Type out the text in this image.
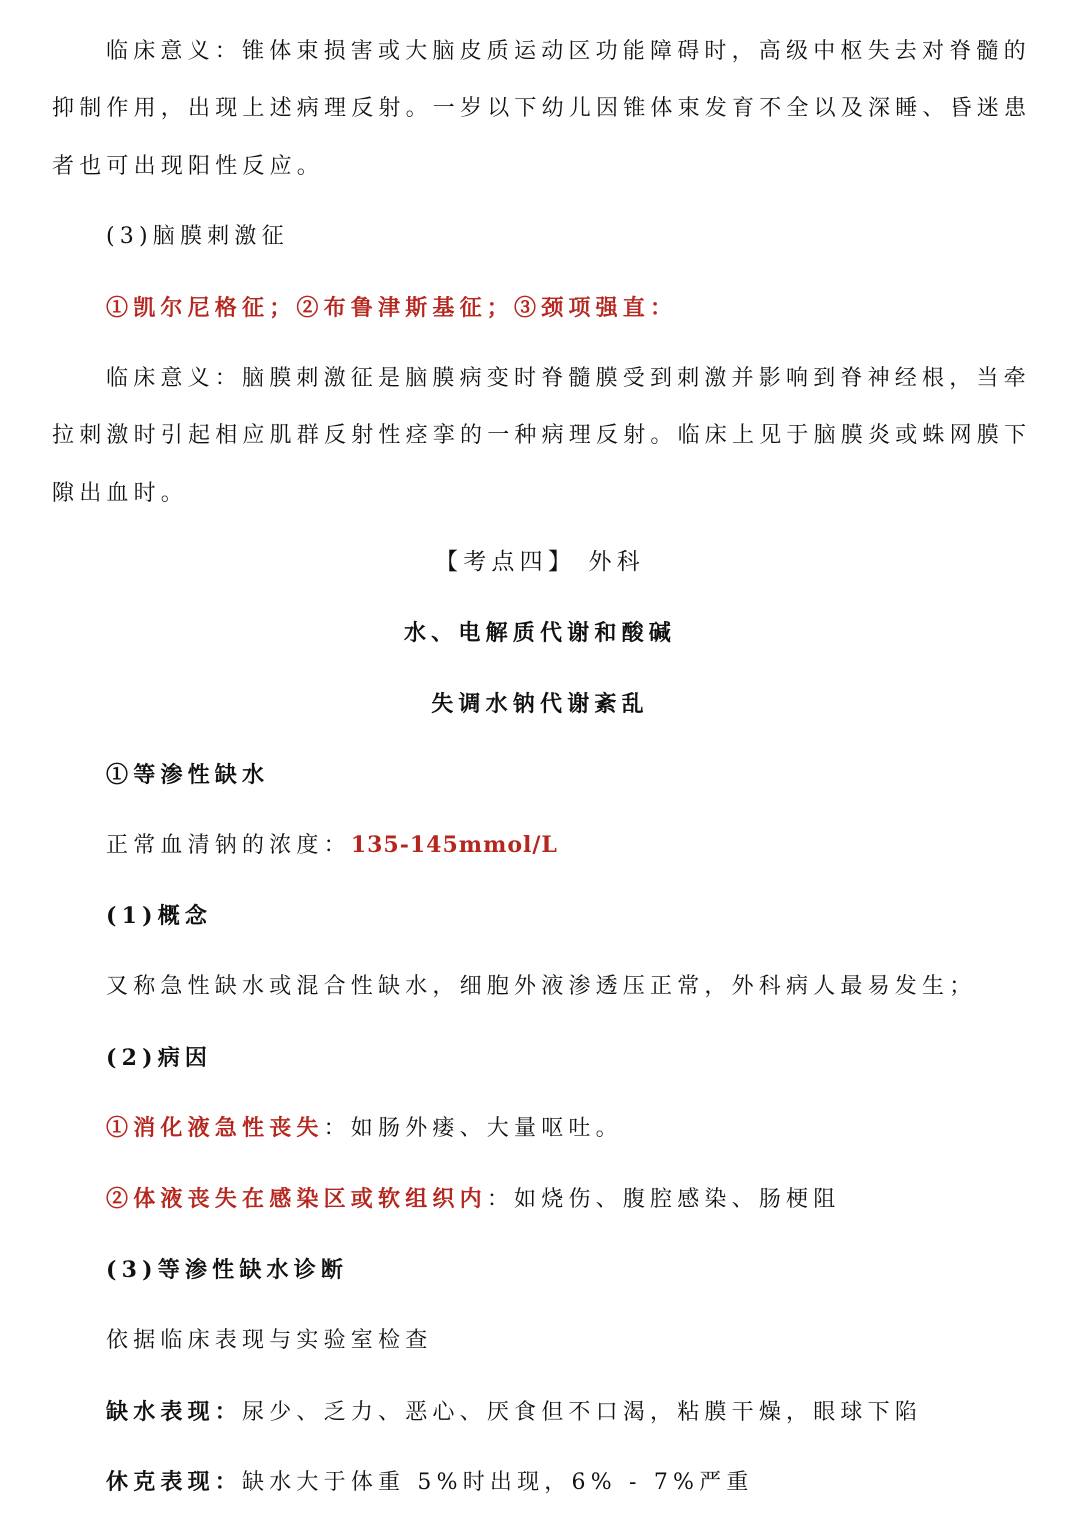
临床意义：锥体束损害或大脑皮质运动区功能障碍时，高级中枢失去对脊髓的

抑制作用，出现上述病理反射。一岁以下幼儿因锥体束发育不全以及深睡、昏迷患

者也可出现阳性反应。

(3)脑膜刺激征

①凯尔尼格征；②布鲁津斯基征；③颈项强直：

临床意义：脑膜刺激征是脑膜病变时脊髓膜受到刺激并影响到脊神经根，当牵

拉刺激时引起相应肌群反射性痉挛的一种病理反射。临床上见于脑膜炎或蛛网膜下

隙出血时。

【考点四】 外科

水、电解质代谢和酸碱

失调水钠代谢紊乱

①等渗性缺水

正常血清钠的浓度：135-145mmol/L

(1)概念

又称急性缺水或混合性缺水，细胞外液渗透压正常，外科病人最易发生；

(2)病因

①消化液急性丧失：如肠外瘘、大量呕吐。

②体液丧失在感染区或软组织内：如烧伤、腹腔感染、肠梗阻

(3)等渗性缺水诊断

依据临床表现与实验室检查

缺水表现：尿少、乏力、恶心、厌食但不口渴，粘膜干燥，眼球下陷

休克表现：缺水大于体重 5%时出现，6% - 7%严重
